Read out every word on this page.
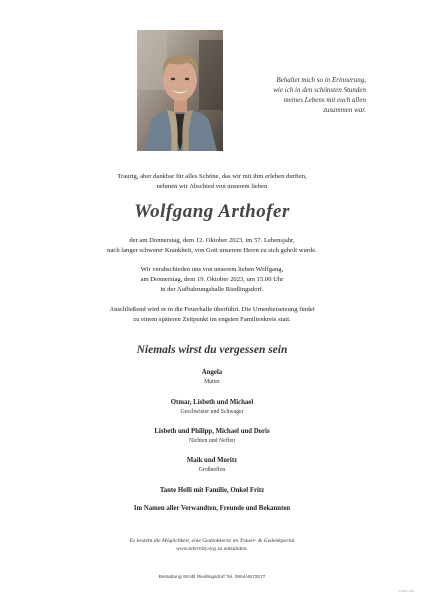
Behaltet mich so in Erinnerung,
wie ich in den schönsten Stunden
meines Lebens mit euch allen
zusammen war.
Traurig, aber dankbar für alles Schöne, das wir mit ihm erleben durften,
nehmen wir Abschied von unserem lieben
Wolfgang Arthofer
der am Donnerstag, dem 12. Oktober 2023, im 57. Lebensjahr,
nach langer schwerer Krankheit, von Gott unserem Herrn zu sich geholt wurde.
Wir verabschieden uns von unserem lieben Wolfgang,
am Donnerstag, dem 19. Oktober 2023, um 15.00 Uhr
in der Aufbahrungshalle Riedlingsdorf.
Anschließend wird er in die Feuerhalle überführt. Die Urnenbeisetzung findet
zu einem späteren Zeitpunkt im engsten Familienkreis statt.
Niemals wirst du vergessen sein
Angela
Mutter
Otmar, Lisbeth und Michael
Geschwister und Schwager
Lisbeth und Philipp, Michael und Doris
Nichten und Neffen
Maik und Moritz
Großneffen
Tante Helli mit Familie, Onkel Fritz
Im Namen aller Verwandten, Freunde und Bekannten
Es besteht die Möglichkeit, eine Gedenkkerze im Trauer- & Gedenkportal
www.niternity.org zu entzünden.
Bestattung Strobl Riedlingsdorf Tel. 0664/4672577
V-1157 A13
